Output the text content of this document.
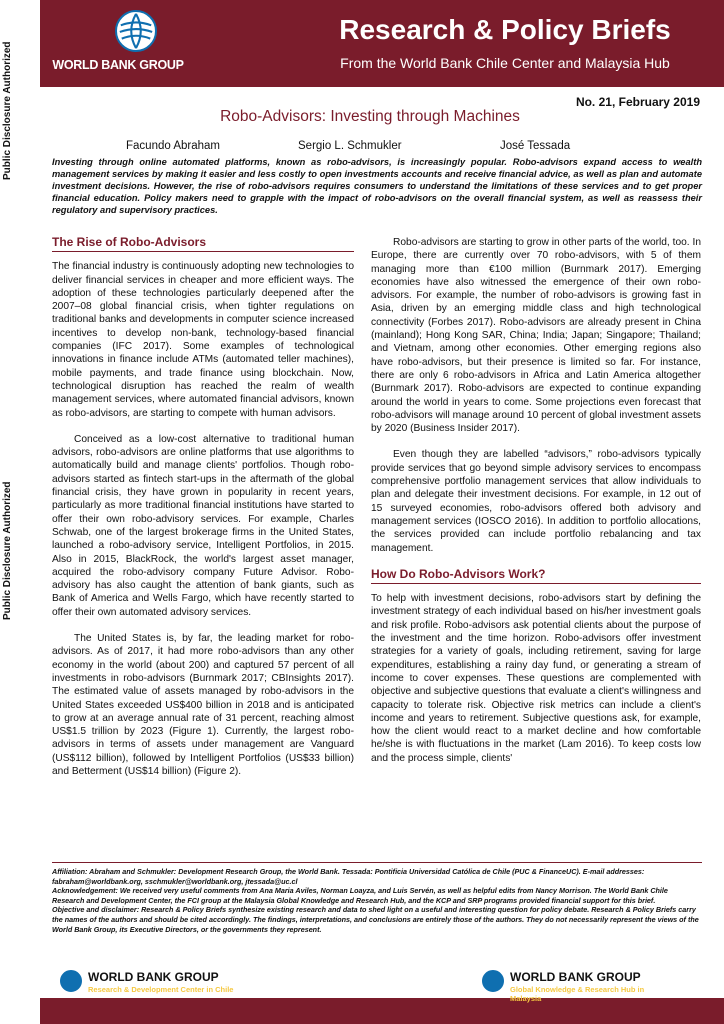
Public Disclosure Authorized
Public Disclosure Authorized
WORLD BANK GROUP
Research & Policy Briefs
From the World Bank Chile Center and Malaysia Hub
No. 21, February 2019
Robo-Advisors: Investing through Machines
Facundo Abraham	Sergio L. Schmukler	José Tessada
Investing through online automated platforms, known as robo-advisors, is increasingly popular. Robo-advisors expand access to wealth management services by making it easier and less costly to open investments accounts and receive financial advice, as well as plan and automate investment decisions. However, the rise of robo-advisors requires consumers to understand the limitations of these services and to get proper financial education. Policy makers need to grapple with the impact of robo-advisors on the overall financial system, as well as reassess their regulatory and supervisory practices.
The Rise of Robo-Advisors

The financial industry is continuously adopting new technologies to deliver financial services in cheaper and more efficient ways. The adoption of these technologies particularly deepened after the 2007–08 global financial crisis, when tighter regulations on traditional banks and developments in computer science increased incentives to develop non-bank, technology-based financial companies (IFC 2017). Some examples of technological innovations in finance include ATMs (automated teller machines), mobile payments, and trade finance using blockchain. Now, technological disruption has reached the realm of wealth management services, where automated financial advisors, known as robo-advisors, are starting to compete with human advisors.

Conceived as a low-cost alternative to traditional human advisors, robo-advisors are online platforms that use algorithms to automatically build and manage clients' portfolios. Though robo-advisors started as fintech start-ups in the aftermath of the global financial crisis, they have grown in popularity in recent years, particularly as more traditional financial institutions have started to offer their own robo-advisory services. For example, Charles Schwab, one of the largest brokerage firms in the United States, launched a robo-advisory service, Intelligent Portfolios, in 2015. Also in 2015, BlackRock, the world's largest asset manager, acquired the robo-advisory company Future Advisor. Robo-advisory has also caught the attention of bank giants, such as Bank of America and Wells Fargo, which have recently started to offer their own automated advisory services.

The United States is, by far, the leading market for robo-advisors. As of 2017, it had more robo-advisors than any other economy in the world (about 200) and captured 57 percent of all investments in robo-advisors (Burnmark 2017; CBInsights 2017). The estimated value of assets managed by robo-advisors in the United States exceeded US$400 billion in 2018 and is anticipated to grow at an average annual rate of 31 percent, reaching almost US$1.5 trillion by 2023 (Figure 1). Currently, the largest robo-advisors in terms of assets under management are Vanguard (US$112 billion), followed by Intelligent Portfolios (US$33 billion) and Betterment (US$14 billion) (Figure 2).

Robo-advisors are starting to grow in other parts of the world, too. In Europe, there are currently over 70 robo-advisors, with 5 of them managing more than €100 million (Burnmark 2017). Emerging economies have also witnessed the emergence of their own robo-advisors. For example, the number of robo-advisors is growing fast in Asia, driven by an emerging middle class and high technological connectivity (Forbes 2017). Robo-advisors are already present in China (mainland); Hong Kong SAR, China; India; Japan; Singapore; Thailand; and Vietnam, among other economies. Other emerging regions also have robo-advisors, but their presence is limited so far. For instance, there are only 6 robo-advisors in Africa and Latin America altogether (Burnmark 2017). Robo-advisors are expected to continue expanding around the world in years to come. Some projections even forecast that robo-advisors will manage around 10 percent of global investment assets by 2020 (Business Insider 2017).

Even though they are labelled “advisors,” robo-advisors typically provide services that go beyond simple advisory services to encompass comprehensive portfolio management services that allow individuals to plan and delegate their investment decisions. For example, in 12 out of 15 surveyed economies, robo-advisors offered both advisory and management services (IOSCO 2016). In addition to portfolio allocations, the services provided can include portfolio rebalancing and tax management.

How Do Robo-Advisors Work?

To help with investment decisions, robo-advisors start by defining the investment strategy of each individual based on his/her investment goals and risk profile. Robo-advisors ask potential clients about the purpose of the investment and the time horizon. Robo-advisors offer investment strategies for a variety of goals, including retirement, saving for large expenditures, establishing a rainy day fund, or generating a stream of income to cover expenses. These questions are complemented with objective and subjective questions that evaluate a client's willingness and capacity to tolerate risk. Objective risk metrics can include a client's income and years to retirement. Subjective questions ask, for example, how the client would react to a market decline and how comfortable he/she is with fluctuations in the market (Lam 2016). To keep costs low and the process simple, clients'

Affiliation: Abraham and Schmukler: Development Research Group, the World Bank. Tessada: Pontificia Universidad Católica de Chile (PUC & FinanceUC). E-mail addresses: fabraham@worldbank.org, sschmukler@worldbank.org, jtessada@uc.cl

Acknowledgement: We received very useful comments from Ana Maria Aviles, Norman Loayza, and Luis Servén, as well as helpful edits from Nancy Morrison. The World Bank Chile Research and Development Center, the FCI group at the Malaysia Global Knowledge and Research Hub, and the KCP and SRP programs provided financial support for this brief.

Objective and disclaimer: Research & Policy Briefs synthesize existing research and data to shed light on a useful and interesting question for policy debate. Research & Policy Briefs carry the names of the authors and should be cited accordingly. The findings, interpretations, and conclusions are entirely those of the authors. They do not necessarily represent the views of the World Bank Group, its Executive Directors, or the governments they represent.

WORLD BANK GROUP
Research & Development Center in Chile
WORLD BANK GROUP
Global Knowledge & Research Hub in Malaysia
